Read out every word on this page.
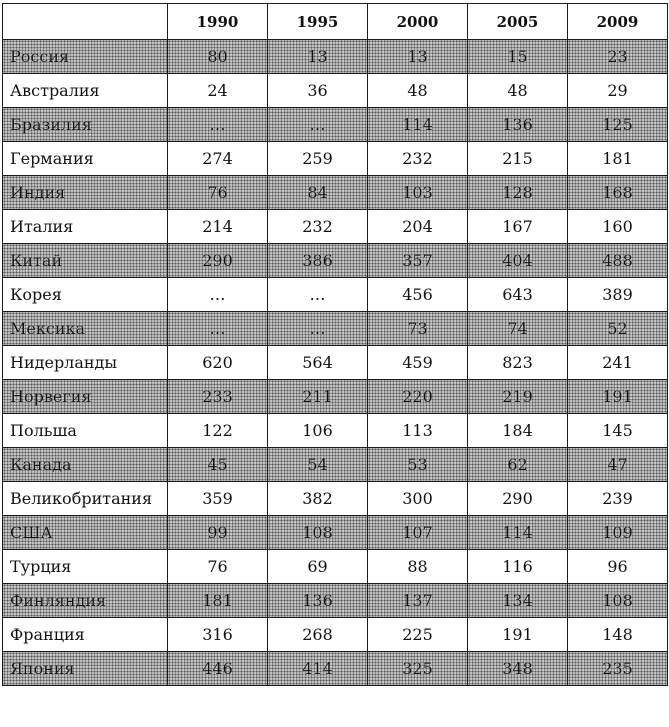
	1990	1995	2000	2005	2009
Россия	80	13	13	15	23
Австралия	24	36	48	48	29
Бразилия	…	…	114	136	125
Германия	274	259	232	215	181
Индия	76	84	103	128	168
Италия	214	232	204	167	160
Китай	290	386	357	404	488
Корея	…	…	456	643	389
Мексика	…	…	73	74	52
Нидерланды	620	564	459	823	241
Норвегия	233	211	220	219	191
Польша	122	106	113	184	145
Канада	45	54	53	62	47
Великобритания	359	382	300	290	239
США	99	108	107	114	109
Турция	76	69	88	116	96
Финляндия	181	136	137	134	108
Франция	316	268	225	191	148
Япония	446	414	325	348	235
